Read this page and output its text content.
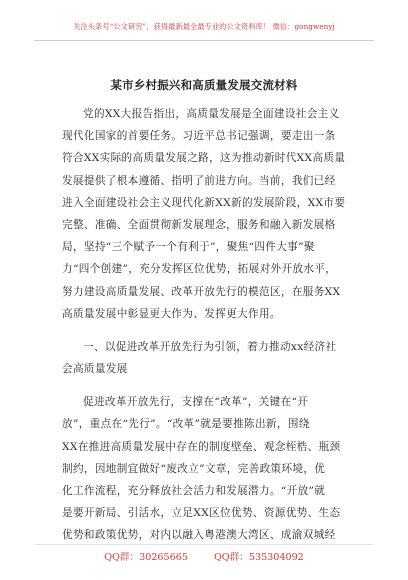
关注头条号“公文研究”，获得最新最全最专业的公文资料库！ 微信：gongwenyj
某市乡村振兴和高质量发展交流材料
党的XX大报告指出，高质量发展是全面建设社会主义
现代化国家的首要任务。习近平总书记强调，要走出一条
符合XX实际的高质量发展之路，这为推动新时代XX高质量
发展提供了根本遵循、指明了前进方向。当前，我们已经
进入全面建设社会主义现代化新XX新的发展阶段，XX市要
完整、准确、全面贯彻新发展理念，服务和融入新发展格
局，坚持“三个赋予一个有利于”，聚焦“四件大事”聚
力“四个创建”，充分发挥区位优势，拓展对外开放水平，
努力建设高质量发展、改革开放先行的模范区，在服务XX
高质量发展中彰显更大作为、发挥更大作用。
一、以促进改革开放先行为引领，着力推动xx经济社
会高质量发展
促进改革开放先行，支撑在“改革”，关键在“开
放”，重点在“先行”。“改革”就是要推陈出新，围绕
XX在推进高质量发展中存在的制度壁垒、观念桎梏、瓶颈
制约，因地制宜做好“废改立”文章，完善政策环境，优
化工作流程，充分释放社会活力和发展潜力。“开放”就
是要开新局、引活水，立足XX区位优势、资源优势、生态
优势和政策优势，对内以融入粤港澳大湾区、成渝双城经
QQ群：30265665	QQ群：535304092
